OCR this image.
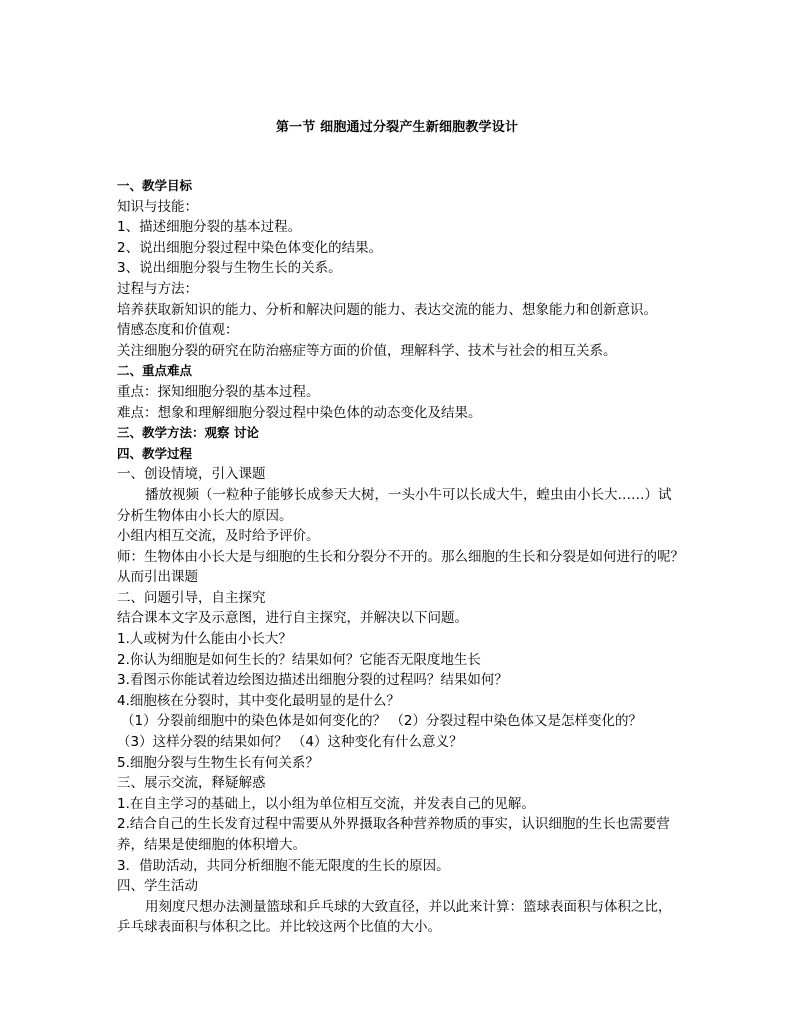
第一节 细胞通过分裂产生新细胞教学设计
一、教学目标
知识与技能：
1、描述细胞分裂的基本过程。
2、说出细胞分裂过程中染色体变化的结果。
3、说出细胞分裂与生物生长的关系。
过程与方法：
培养获取新知识的能力、分析和解决问题的能力、表达交流的能力、想象能力和创新意识。
情感态度和价值观：
关注细胞分裂的研究在防治癌症等方面的价值，理解科学、技术与社会的相互关系。
二、重点难点
重点：探知细胞分裂的基本过程。
难点：想象和理解细胞分裂过程中染色体的动态变化及结果。
三、教学方法：观察 讨论
四、教学过程
一、创设情境，引入课题
播放视频（一粒种子能够长成参天大树，一头小牛可以长成大牛，蝗虫由小长大……）试
分析生物体由小长大的原因。
小组内相互交流，及时给予评价。
师：生物体由小长大是与细胞的生长和分裂分不开的。那么细胞的生长和分裂是如何进行的呢？
从而引出课题
二、问题引导，自主探究
结合课本文字及示意图，进行自主探究，并解决以下问题。
1.人或树为什么能由小长大？
2.你认为细胞是如何生长的？结果如何？它能否无限度地生长
3.看图示你能试着边绘图边描述出细胞分裂的过程吗？结果如何？
4.细胞核在分裂时，其中变化最明显的是什么？
（1）分裂前细胞中的染色体是如何变化的？ （2）分裂过程中染色体又是怎样变化的？
（3）这样分裂的结果如何？ （4）这种变化有什么意义？
5.细胞分裂与生物生长有何关系？
三、展示交流，释疑解惑
1.在自主学习的基础上，以小组为单位相互交流，并发表自己的见解。
2.结合自己的生长发育过程中需要从外界摄取各种营养物质的事实，认识细胞的生长也需要营
养，结果是使细胞的体积增大。
3．借助活动，共同分析细胞不能无限度的生长的原因。
四、学生活动
用刻度尺想办法测量篮球和乒乓球的大致直径，并以此来计算：篮球表面积与体积之比，
乒乓球表面积与体积之比。并比较这两个比值的大小。
